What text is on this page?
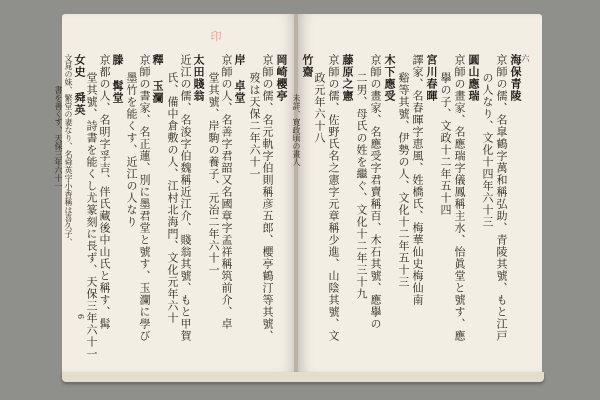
印
岡崎櫻亭
京師の儒、名元軌字伯則稱彦五郎、櫻亭鶴汀等其號、
歿は天保二年六十一
岸 卓堂
京師の人、名善字君韶又名國章字孟祥稱筑前介、卓
堂其號、岸駒の養子、元治二年六十一
太田賤翁
近江の儒、名浚字伯魏稱近江介、賤翁其號、もと甲賀
氏、備中倉敷の人、江村北海門、文化元年六十
釋 玉瀾
京師の書家、名正蓮、別に墨君堂と號す、玉瀾に學び
墨竹を能くす、近江の人なり
滕 髯堂
京都の人、名明字孚吉、伴氏藏後中山氏と稱す、髯
堂其號、詩書を能くし尤篆刻に長ず、天保三年六十一
女史 舜英
文晁の妹、繁堂の妻なり、名舜英字小香稱は喜久子、
書を善くす、天保三年六十一
6
六
海保青陵
京師の儒、名皐鶴字萬和稱弘助、青陵其號、もと江戸
の人なり、文化十四年六十三
圓山應瑞
京師の畫家、名應瑞字儀鳳稱主水、怡眞堂と號す、應
擧の子、文政十二年五十四
宮川春暉
譯家、名春暉字恵風、姓橋氏、梅華仙史梅仙南
谿等其號、伊勢の人、文化十二年五十三
木下應受
京師の畫家、名應受字君賣稱百、木石其號、應擧の
二男、母氏の姓を繼ぐ、文化十二年三十九
藤原之憲
京師の儒、佐野氏名之憲字元章稱少進、山陰其號、文
政元年六十八
竹齋
未詳、寛政頃の畫人
